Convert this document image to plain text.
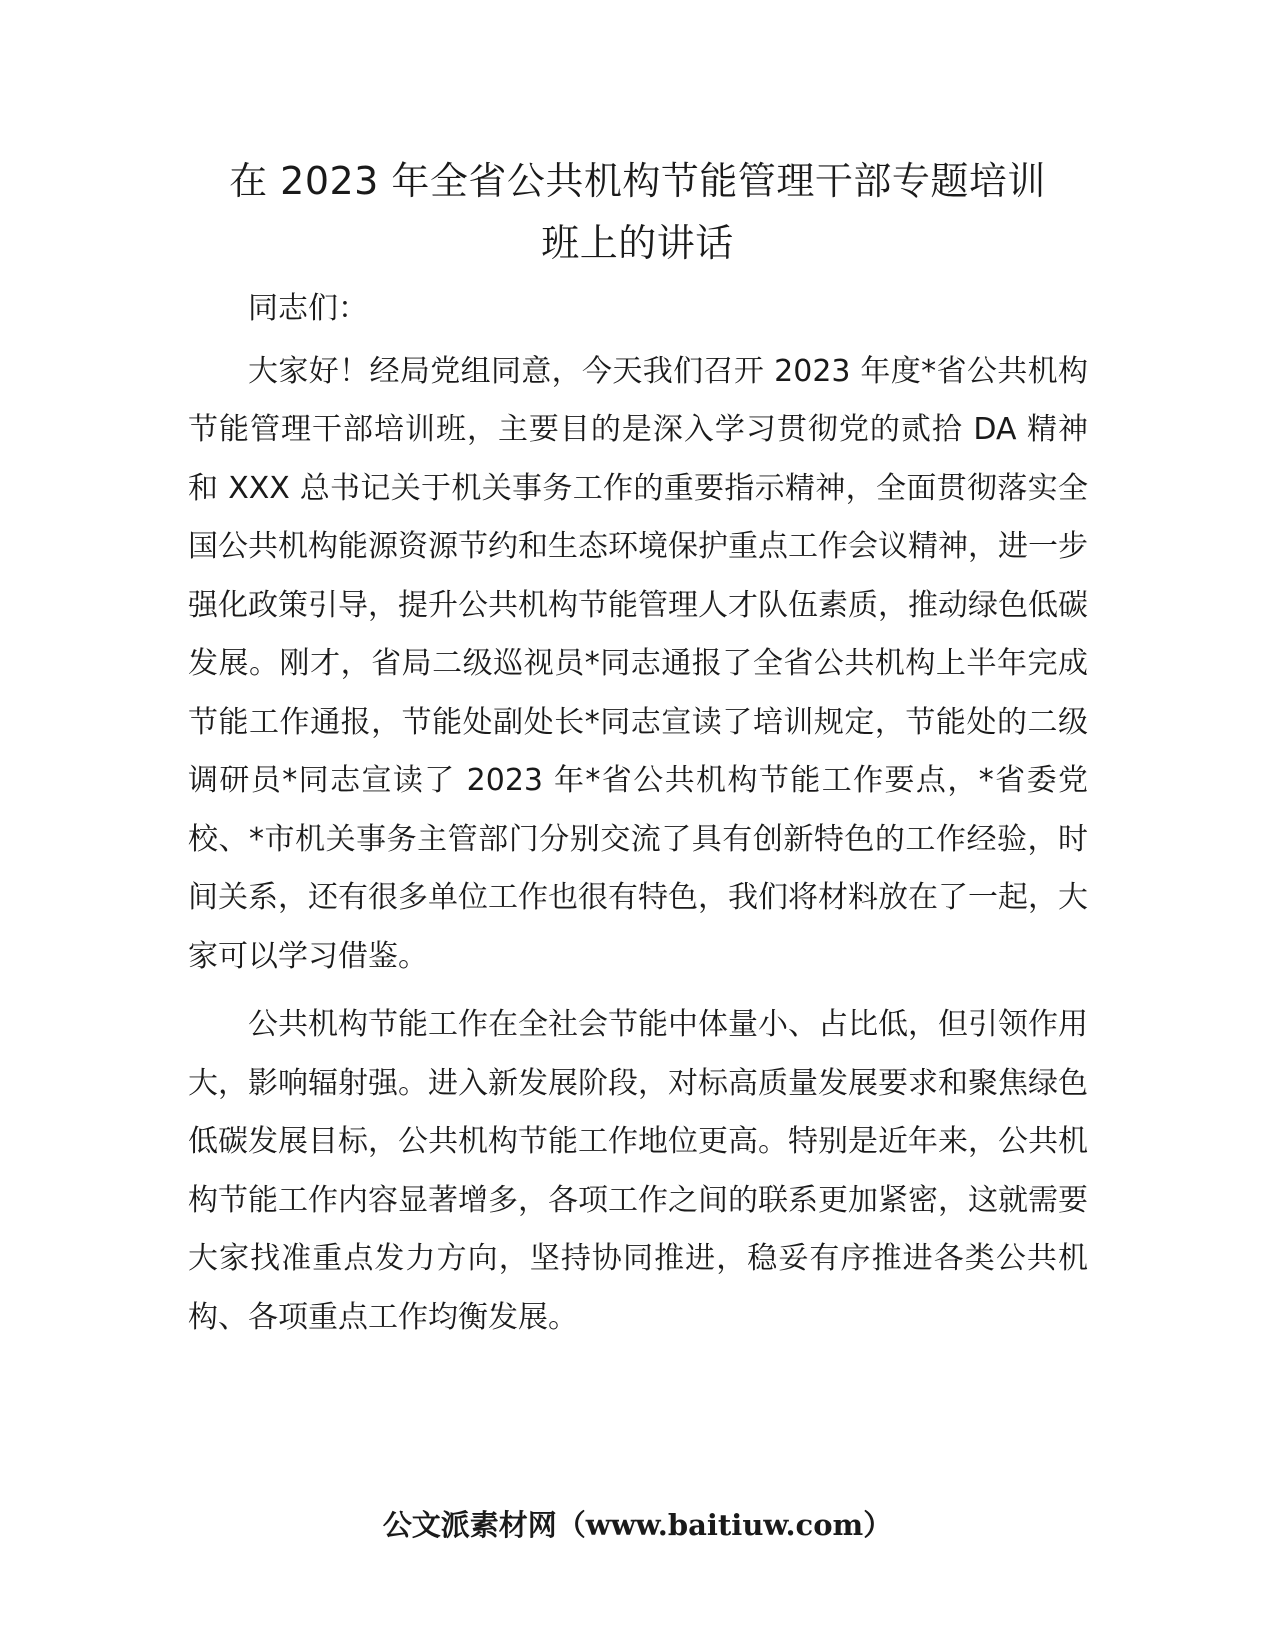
在 2023 年全省公共机构节能管理干部专题培训
班上的讲话

同志们：

大家好！经局党组同意，今天我们召开 2023 年度*省公共机构节能管理干部培训班，主要目的是深入学习贯彻党的贰拾 DA 精神和 XXX 总书记关于机关事务工作的重要指示精神，全面贯彻落实全国公共机构能源资源节约和生态环境保护重点工作会议精神，进一步强化政策引导，提升公共机构节能管理人才队伍素质，推动绿色低碳发展。刚才，省局二级巡视员*同志通报了全省公共机构上半年完成节能工作通报，节能处副处长*同志宣读了培训规定，节能处的二级调研员*同志宣读了 2023 年*省公共机构节能工作要点，*省委党校、*市机关事务主管部门分别交流了具有创新特色的工作经验，时间关系，还有很多单位工作也很有特色，我们将材料放在了一起，大家可以学习借鉴。

公共机构节能工作在全社会节能中体量小、占比低，但引领作用大，影响辐射强。进入新发展阶段，对标高质量发展要求和聚焦绿色低碳发展目标，公共机构节能工作地位更高。特别是近年来，公共机构节能工作内容显著增多，各项工作之间的联系更加紧密，这就需要大家找准重点发力方向，坚持协同推进，稳妥有序推进各类公共机构、各项重点工作均衡发展。

公文派素材网（www.baitiuw.com）
